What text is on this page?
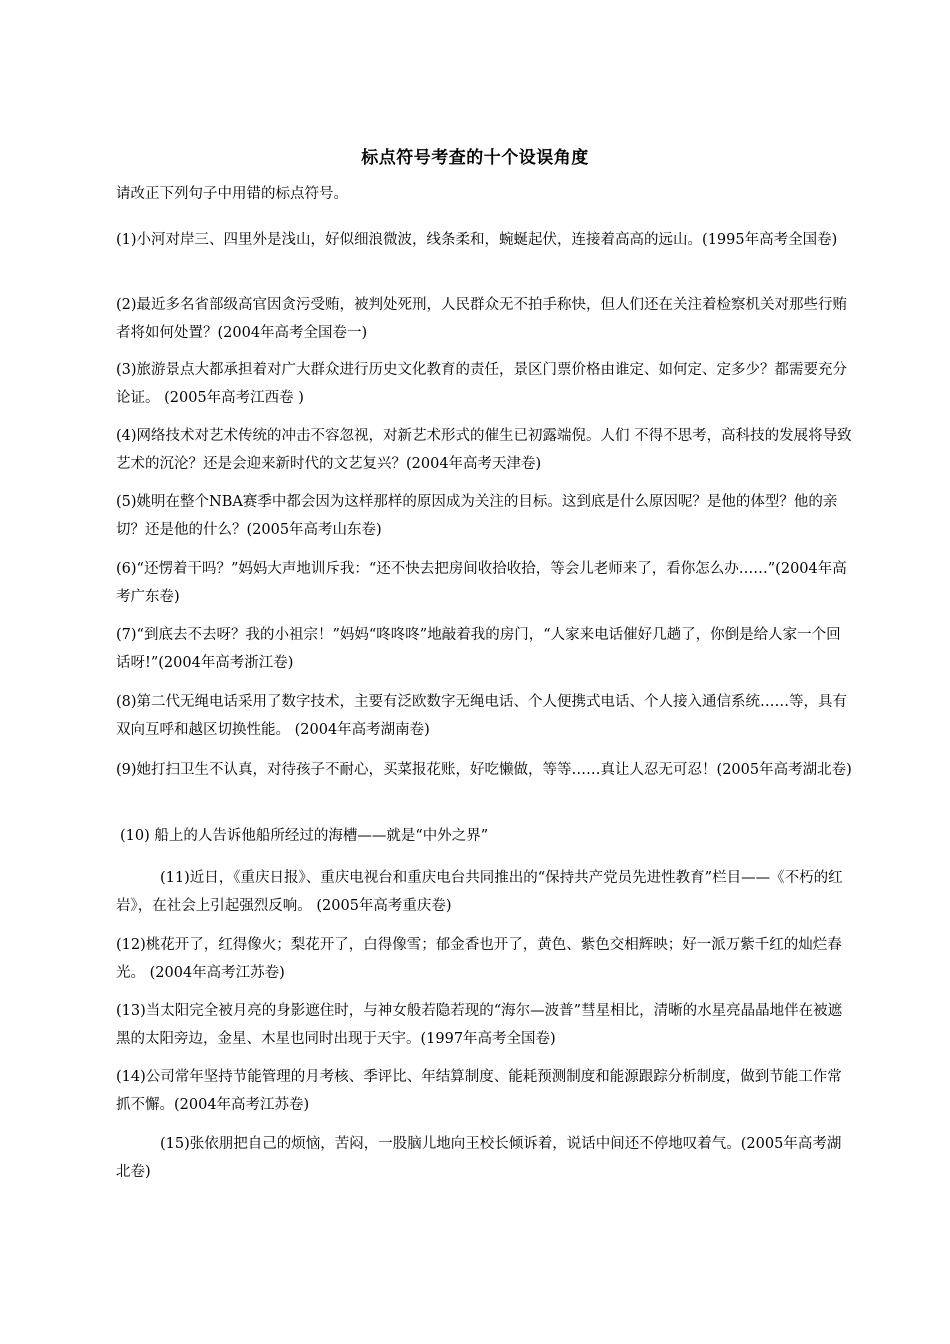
标点符号考查的十个设误角度

请改正下列句子中用错的标点符号。

(1)小河对岸三、四里外是浅山，好似细浪微波，线条柔和，蜿蜒起伏，连接着高高的远山。(1995年高考全国卷)

(2)最近多名省部级高官因贪污受贿，被判处死刑，人民群众无不拍手称快，但人们还在关注着检察机关对那些行贿者将如何处置？(2004年高考全国卷一)

(3)旅游景点大都承担着对广大群众进行历史文化教育的责任，景区门票价格由谁定、如何定、定多少？都需要充分论证。 (2005年高考江西卷 )

(4)网络技术对艺术传统的冲击不容忽视，对新艺术形式的催生已初露端倪。人们 不得不思考，高科技的发展将导致艺术的沉沦？还是会迎来新时代的文艺复兴？(2004年高考天津卷)

(5)姚明在整个NBA赛季中都会因为这样那样的原因成为关注的目标。这到底是什么原因呢？是他的体型？他的亲切？还是他的什么？(2005年高考山东卷)

(6)“还愣着干吗？”妈妈大声地训斥我：“还不快去把房间收拾收拾，等会儿老师来了，看你怎么办……”(2004年高考广东卷)

(7)“到底去不去呀？我的小祖宗！”妈妈“咚咚咚”地敲着我的房门，“人家来电话催好几趟了，你倒是给人家一个回话呀!”(2004年高考浙江卷)

(8)第二代无绳电话采用了数字技术，主要有泛欧数字无绳电话、个人便携式电话、个人接入通信系统……等，具有双向互呼和越区切换性能。 (2004年高考湖南卷)

(9)她打扫卫生不认真，对待孩子不耐心，买菜报花账，好吃懒做，等等……真让人忍无可忍！(2005年高考湖北卷)

(10) 船上的人告诉他船所经过的海槽——就是“中外之界”

(11)近日，《重庆日报》、重庆电视台和重庆电台共同推出的“保持共产党员先进性教育”栏目——《不朽的红岩》，在社会上引起强烈反响。 (2005年高考重庆卷)

(12)桃花开了，红得像火；梨花开了，白得像雪；郁金香也开了，黄色、紫色交相辉映；好一派万紫千红的灿烂春光。 (2004年高考江苏卷)

(13)当太阳完全被月亮的身影遮住时，与神女般若隐若现的“海尔—波普”彗星相比，清晰的水星亮晶晶地伴在被遮黑的太阳旁边，金星、木星也同时出现于天宇。(1997年高考全国卷)

(14)公司常年坚持节能管理的月考核、季评比、年结算制度、能耗预测制度和能源跟踪分析制度，做到节能工作常抓不懈。(2004年高考江苏卷)

(15)张依朋把自己的烦恼，苦闷，一股脑儿地向王校长倾诉着，说话中间还不停地叹着气。(2005年高考湖北卷)
